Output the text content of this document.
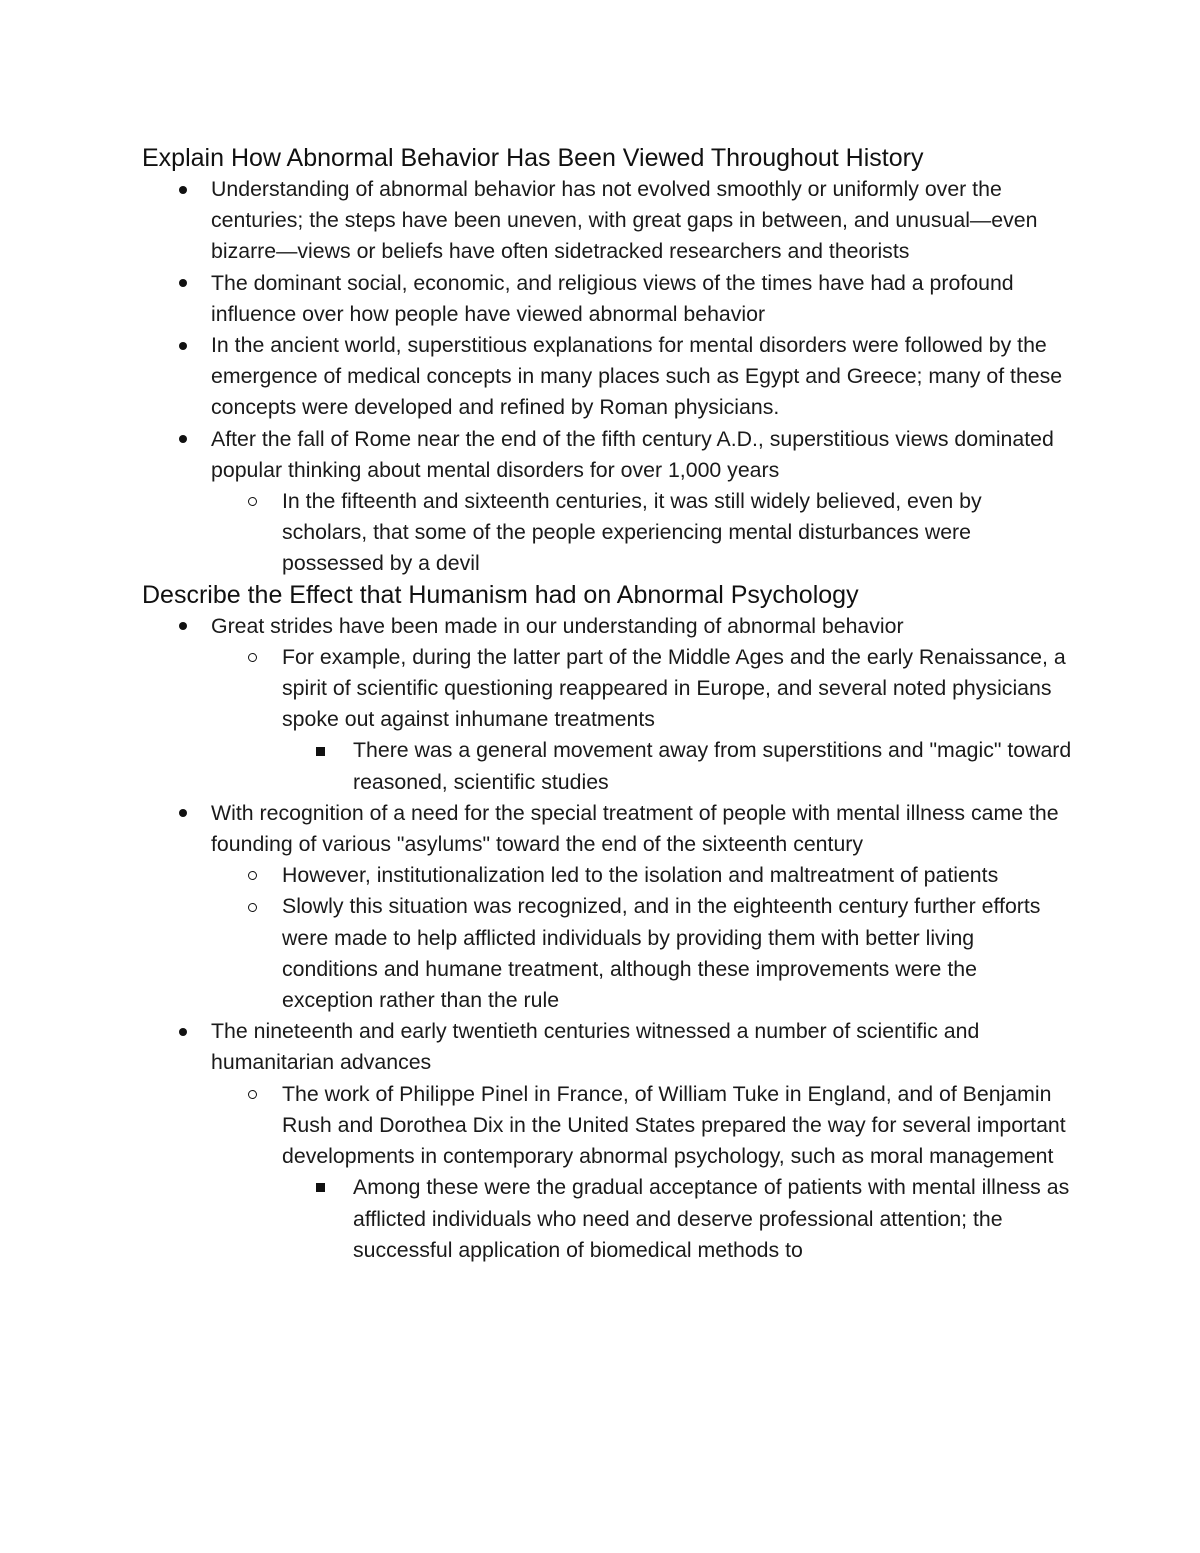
Explain How Abnormal Behavior Has Been Viewed Throughout History
Understanding of abnormal behavior has not evolved smoothly or uniformly over the centuries; the steps have been uneven, with great gaps in between, and unusual—even bizarre—views or beliefs have often sidetracked researchers and theorists
The dominant social, economic, and religious views of the times have had a profound influence over how people have viewed abnormal behavior
In the ancient world, superstitious explanations for mental disorders were followed by the emergence of medical concepts in many places such as Egypt and Greece; many of these concepts were developed and refined by Roman physicians.
After the fall of Rome near the end of the fifth century A.D., superstitious views dominated popular thinking about mental disorders for over 1,000 years
In the fifteenth and sixteenth centuries, it was still widely believed, even by scholars, that some of the people experiencing mental disturbances were possessed by a devil
Describe the Effect that Humanism had on Abnormal Psychology
Great strides have been made in our understanding of abnormal behavior
For example, during the latter part of the Middle Ages and the early Renaissance, a spirit of scientific questioning reappeared in Europe, and several noted physicians spoke out against inhumane treatments
There was a general movement away from superstitions and "magic" toward reasoned, scientific studies
With recognition of a need for the special treatment of people with mental illness came the founding of various "asylums" toward the end of the sixteenth century
However, institutionalization led to the isolation and maltreatment of patients
Slowly this situation was recognized, and in the eighteenth century further efforts were made to help afflicted individuals by providing them with better living conditions and humane treatment, although these improvements were the exception rather than the rule
The nineteenth and early twentieth centuries witnessed a number of scientific and humanitarian advances
The work of Philippe Pinel in France, of William Tuke in England, and of Benjamin Rush and Dorothea Dix in the United States prepared the way for several important developments in contemporary abnormal psychology, such as moral management
Among these were the gradual acceptance of patients with mental illness as afflicted individuals who need and deserve professional attention; the successful application of biomedical methods to
